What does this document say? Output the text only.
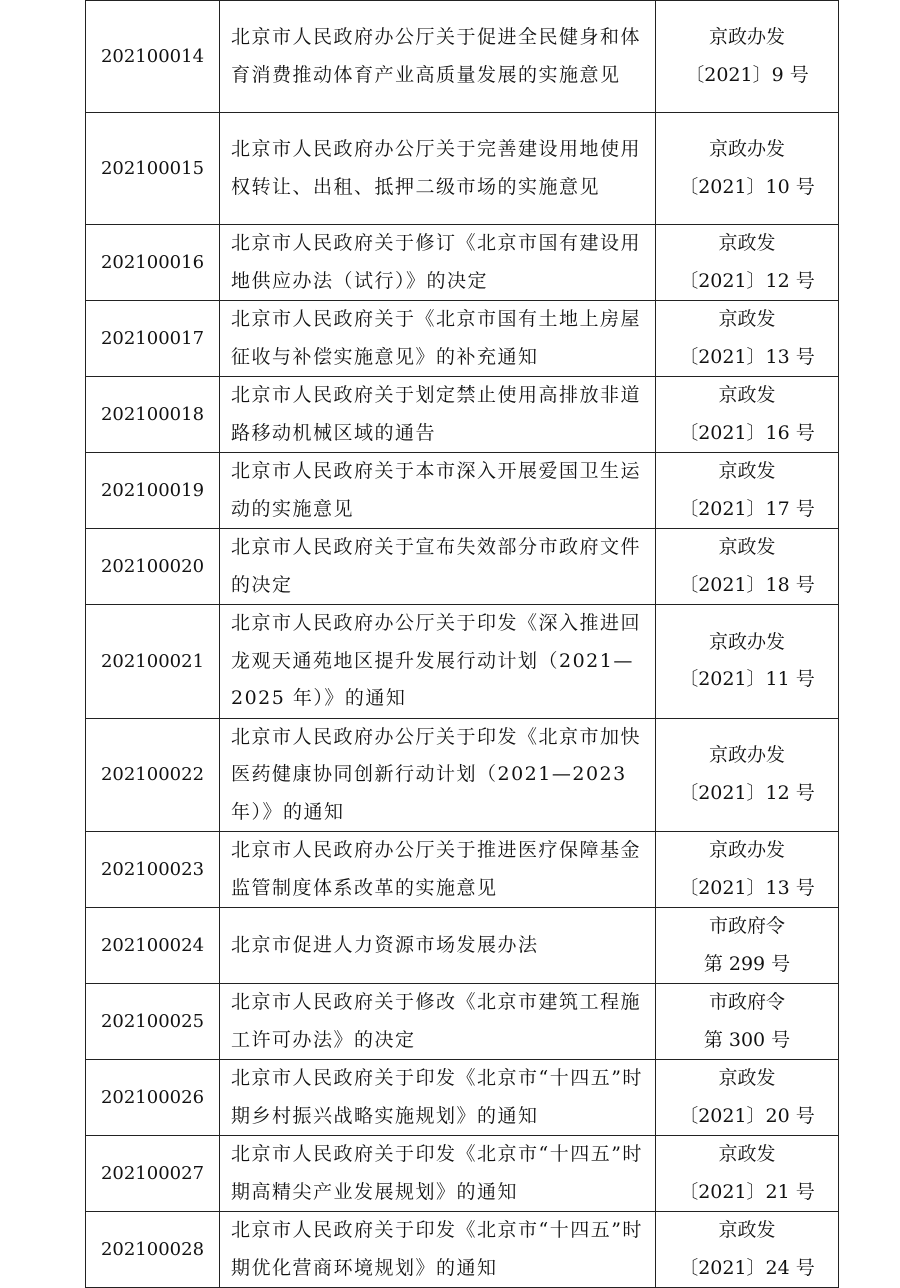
202100014	北京市人民政府办公厅关于促进全民健身和体育消费推动体育产业高质量发展的实施意见	京政办发
〔2021〕9 号

202100015	北京市人民政府办公厅关于完善建设用地使用权转让、出租、抵押二级市场的实施意见	京政办发
〔2021〕10 号

202100016	北京市人民政府关于修订《北京市国有建设用地供应办法（试行）》的决定	京政发
〔2021〕12 号

202100017	北京市人民政府关于《北京市国有土地上房屋征收与补偿实施意见》的补充通知	京政发
〔2021〕13 号

202100018	北京市人民政府关于划定禁止使用高排放非道路移动机械区域的通告	京政发
〔2021〕16 号

202100019	北京市人民政府关于本市深入开展爱国卫生运动的实施意见	京政发
〔2021〕17 号

202100020	北京市人民政府关于宣布失效部分市政府文件的决定	京政发
〔2021〕18 号

202100021	北京市人民政府办公厅关于印发《深入推进回龙观天通苑地区提升发展行动计划（2021—2025 年）》的通知	京政办发
〔2021〕11 号

202100022	北京市人民政府办公厅关于印发《北京市加快医药健康协同创新行动计划（2021—2023年）》的通知	京政办发
〔2021〕12 号

202100023	北京市人民政府办公厅关于推进医疗保障基金监管制度体系改革的实施意见	京政办发
〔2021〕13 号

202100024	北京市促进人力资源市场发展办法	市政府令
第 299 号

202100025	北京市人民政府关于修改《北京市建筑工程施工许可办法》的决定	市政府令
第 300 号

202100026	北京市人民政府关于印发《北京市“十四五”时期乡村振兴战略实施规划》的通知	京政发
〔2021〕20 号

202100027	北京市人民政府关于印发《北京市“十四五”时期高精尖产业发展规划》的通知	京政发
〔2021〕21 号

202100028	北京市人民政府关于印发《北京市“十四五”时期优化营商环境规划》的通知	京政发
〔2021〕24 号
